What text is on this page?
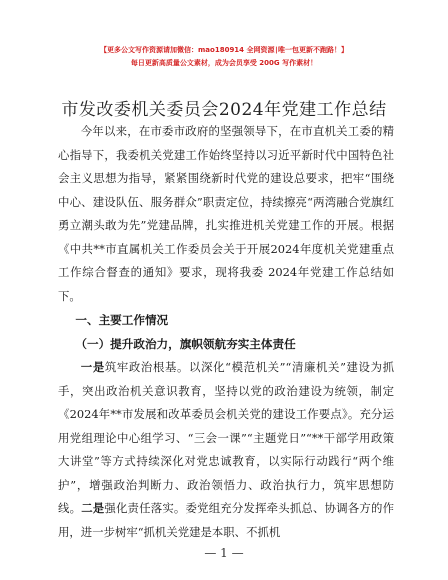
【更多公文写作资源请加微信：mao180914 全网资源∣唯一包更新不跑路！】
每日更新高质量公文素材，成为会员享受 200G 写作素材！
市发改委机关委员会2024年党建工作总结

今年以来，在市委市政府的坚强领导下，在市直机关工委的精心指导下，我委机关党建工作始终坚持以习近平新时代中国特色社会主义思想为指导，紧紧围绕新时代党的建设总要求，把牢“围绕中心、建设队伍、服务群众”职责定位，持续擦亮“两湾融合党旗红勇立潮头敢为先”党建品牌，扎实推进机关党建工作的开展。根据《中共**市直属机关工作委员会关于开展2024年度机关党建重点工作综合督查的通知》要求，现将我委 2024年党建工作总结如下。

一、主要工作情况

（一）提升政治力，旗帜领航夯实主体责任

一是筑牢政治根基。以深化“模范机关”“清廉机关”建设为抓手，突出政治机关意识教育，坚持以党的政治建设为统领，制定《2024年**市发展和改革委员会机关党的建设工作要点》。充分运用党组理论中心组学习、“三会一课”“主题党日”“**干部学用政策大讲堂”等方式持续深化对党忠诚教育，以实际行动践行“两个维护”，增强政治判断力、政治领悟力、政治执行力，筑牢思想防线。二是强化责任落实。委党组充分发挥牵头抓总、协调各方的作用，进一步树牢“抓机关党建是本职、不抓机

— 1 —
